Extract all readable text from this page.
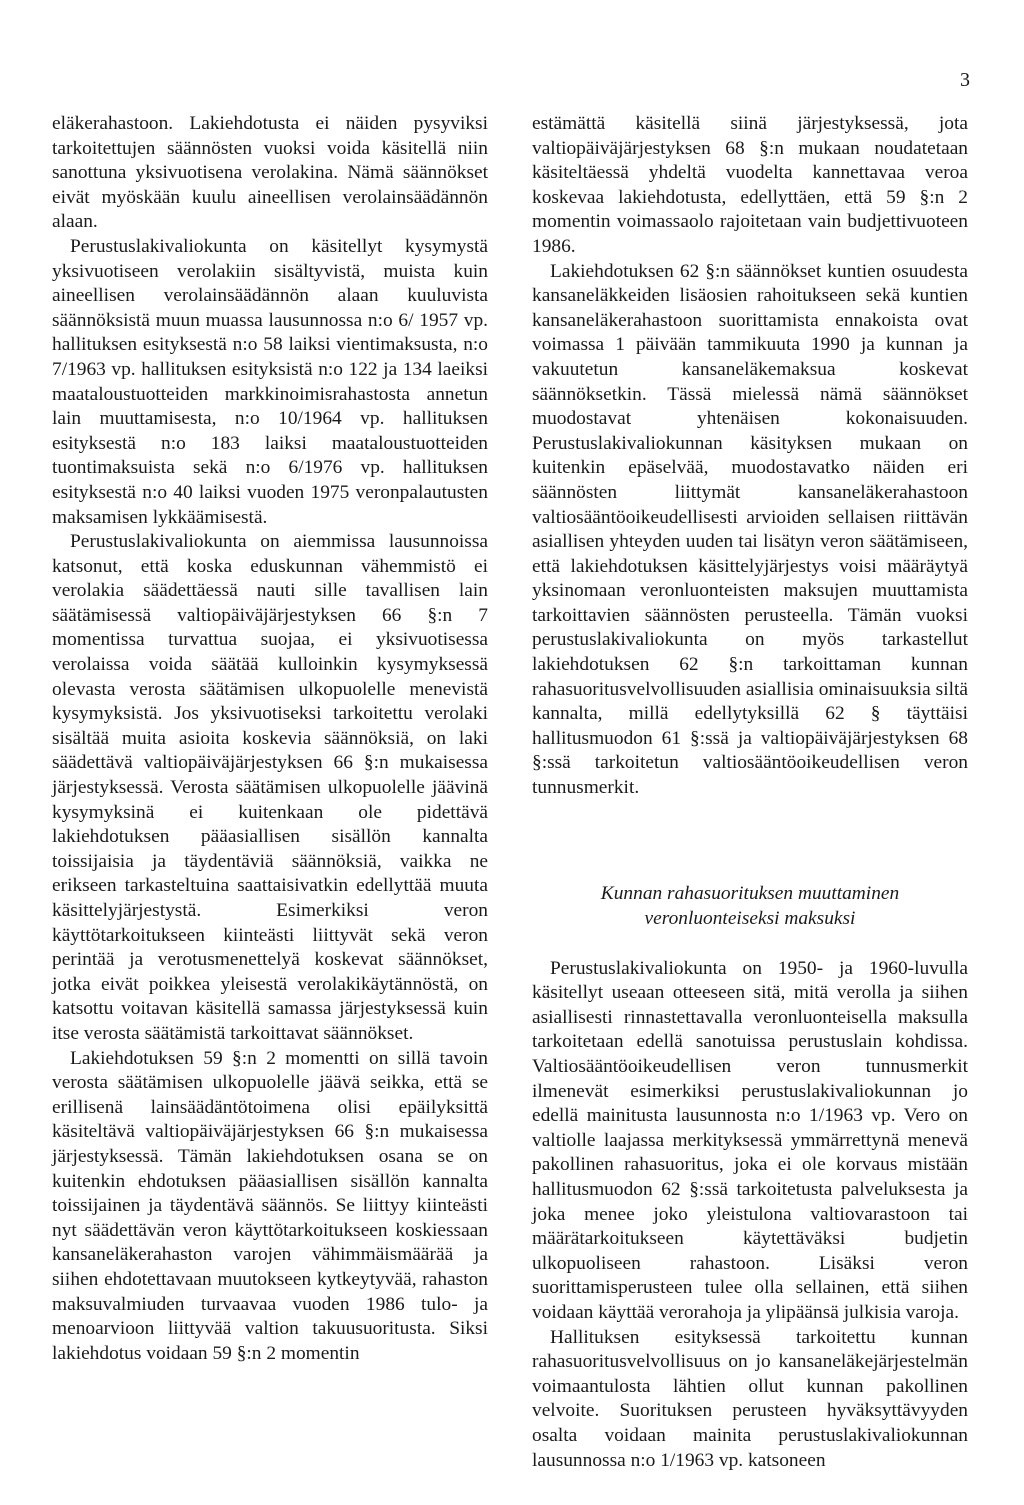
3

eläkerahastoon. Lakiehdotusta ei näiden pysyviksi tarkoitettujen säännösten vuoksi voida käsitellä niin sanottuna yksivuotisena verolakina. Nämä säännökset eivät myöskään kuulu aineellisen verolainsäädännön alaan.

Perustuslakivaliokunta on käsitellyt kysymystä yksivuotiseen verolakiin sisältyvistä, muista kuin aineellisen verolainsäädännön alaan kuuluvista säännöksistä muun muassa lausunnossa n:o 6/ 1957 vp. hallituksen esityksestä n:o 58 laiksi vientimaksusta, n:o 7/1963 vp. hallituksen esityksistä n:o 122 ja 134 laeiksi maataloustuotteiden markkinoimisrahastosta annetun lain muuttamisesta, n:o 10/1964 vp. hallituksen esityksestä n:o 183 laiksi maataloustuotteiden tuontimaksuista sekä n:o 6/1976 vp. hallituksen esityksestä n:o 40 laiksi vuoden 1975 veronpalautusten maksamisen lykkäämisestä.

Perustuslakivaliokunta on aiemmissa lausunnoissa katsonut, että koska eduskunnan vähemmistö ei verolakia säädettäessä nauti sille tavallisen lain säätämisessä valtiopäiväjärjestyksen 66 §:n 7 momentissa turvattua suojaa, ei yksivuotisessa verolaissa voida säätää kulloinkin kysymyksessä olevasta verosta säätämisen ulkopuolelle menevistä kysymyksistä. Jos yksivuotiseksi tarkoitettu verolaki sisältää muita asioita koskevia säännöksiä, on laki säädettävä valtiopäiväjärjestyksen 66 §:n mukaisessa järjestyksessä. Verosta säätämisen ulkopuolelle jäävinä kysymyksinä ei kuitenkaan ole pidettävä lakiehdotuksen pääasiallisen sisällön kannalta toissijaisia ja täydentäviä säännöksiä, vaikka ne erikseen tarkasteltuina saattaisivatkin edellyttää muuta käsittelyjärjestystä. Esimerkiksi veron käyttötarkoitukseen kiinteästi liittyvät sekä veron perintää ja verotusmenettelyä koskevat säännökset, jotka eivät poikkea yleisestä verolakikäytännöstä, on katsottu voitavan käsitellä samassa järjestyksessä kuin itse verosta säätämistä tarkoittavat säännökset.

Lakiehdotuksen 59 §:n 2 momentti on sillä tavoin verosta säätämisen ulkopuolelle jäävä seikka, että se erillisenä lainsäädäntötoimena olisi epäilyksittä käsiteltävä valtiopäiväjärjestyksen 66 §:n mukaisessa järjestyksessä. Tämän lakiehdotuksen osana se on kuitenkin ehdotuksen pääasiallisen sisällön kannalta toissijainen ja täydentävä säännös. Se liittyy kiinteästi nyt säädettävän veron käyttötarkoitukseen koskiessaan kansaneläkerahaston varojen vähimmäismäärää ja siihen ehdotettavaan muutokseen kytkeytyvää, rahaston maksuvalmiuden turvaavaa vuoden 1986 tulo- ja menoarvioon liittyvää valtion takuusuoritusta. Siksi lakiehdotus voidaan 59 §:n 2 momentin

estämättä käsitellä siinä järjestyksessä, jota valtiopäiväjärjestyksen 68 §:n mukaan noudatetaan käsiteltäessä yhdeltä vuodelta kannettavaa veroa koskevaa lakiehdotusta, edellyttäen, että 59 §:n 2 momentin voimassaolo rajoitetaan vain budjettivuoteen 1986.

Lakiehdotuksen 62 §:n säännökset kuntien osuudesta kansaneläkkeiden lisäosien rahoitukseen sekä kuntien kansaneläkerahastoon suorittamista ennakoista ovat voimassa 1 päivään tammikuuta 1990 ja kunnan ja vakuutetun kansaneläkemaksua koskevat säännöksetkin. Tässä mielessä nämä säännökset muodostavat yhtenäisen kokonaisuuden. Perustuslakivaliokunnan käsityksen mukaan on kuitenkin epäselvää, muodostavatko näiden eri säännösten liittymät kansaneläkerahastoon valtiosääntöoikeudellisesti arvioiden sellaisen riittävän asiallisen yhteyden uuden tai lisätyn veron säätämiseen, että lakiehdotuksen käsittelyjärjestys voisi määräytyä yksinomaan veronluonteisten maksujen muuttamista tarkoittavien säännösten perusteella. Tämän vuoksi perustuslakivaliokunta on myös tarkastellut lakiehdotuksen 62 §:n tarkoittaman kunnan rahasuoritusvelvollisuuden asiallisia ominaisuuksia siltä kannalta, millä edellytyksillä 62 § täyttäisi hallitusmuodon 61 §:ssä ja valtiopäiväjärjestyksen 68 §:ssä tarkoitetun valtiosääntöoikeudellisen veron tunnusmerkit.

Kunnan rahasuorituksen muuttaminen
veronluonteiseksi maksuksi

Perustuslakivaliokunta on 1950- ja 1960-luvulla käsitellyt useaan otteeseen sitä, mitä verolla ja siihen asiallisesti rinnastettavalla veronluonteisella maksulla tarkoitetaan edellä sanotuissa perustuslain kohdissa. Valtiosääntöoikeudellisen veron tunnusmerkit ilmenevät esimerkiksi perustuslakivaliokunnan jo edellä mainitusta lausunnosta n:o 1/1963 vp. Vero on valtiolle laajassa merkityksessä ymmärrettynä menevä pakollinen rahasuoritus, joka ei ole korvaus mistään hallitusmuodon 62 §:ssä tarkoitetusta palveluksesta ja joka menee joko yleistulona valtiovarastoon tai määrätarkoitukseen käytettäväksi budjetin ulkopuoliseen rahastoon. Lisäksi veron suorittamisperusteen tulee olla sellainen, että siihen voidaan käyttää verorahoja ja ylipäänsä julkisia varoja.

Hallituksen esityksessä tarkoitettu kunnan rahasuoritusvelvollisuus on jo kansaneläkejärjestelmän voimaantulosta lähtien ollut kunnan pakollinen velvoite. Suorituksen perusteen hyväksyttävyyden osalta voidaan mainita perustuslakivaliokunnan lausunnossa n:o 1/1963 vp. katsoneen
